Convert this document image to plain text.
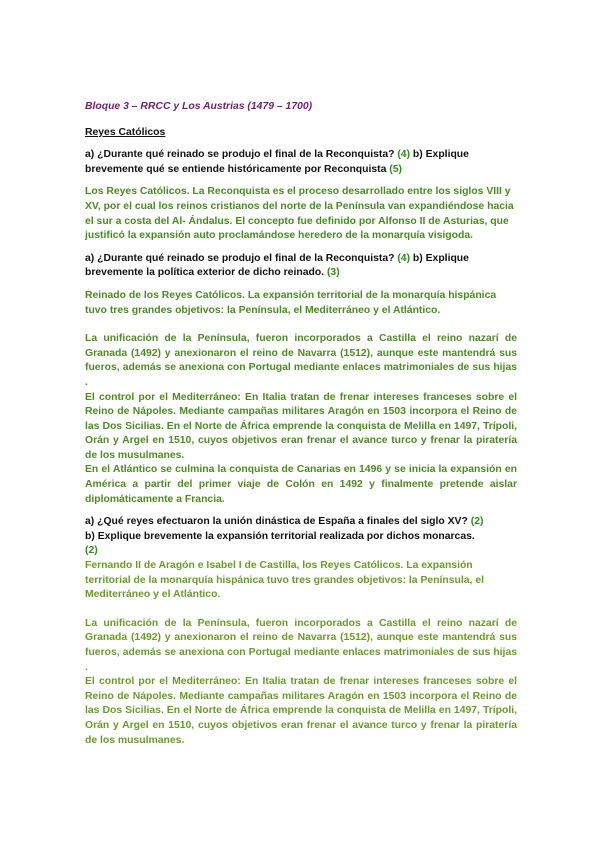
Bloque 3 – RRCC y Los Austrias (1479 – 1700)

Reyes Católicos

a) ¿Durante qué reinado se produjo el final de la Reconquista? (4) b) Explique brevemente qué se entiende históricamente por Reconquista (5)

Los Reyes Católicos. La Reconquista es el proceso desarrollado entre los siglos VIII y XV, por el cual los reinos cristianos del norte de la Península van expandiéndose hacia el sur a costa del Al- Ándalus. El concepto fue definido por Alfonso II de Asturias, que justificó la expansión auto proclamándose heredero de la monarquía visigoda.

a) ¿Durante qué reinado se produjo el final de la Reconquista? (4) b) Explique brevemente la política exterior de dicho reinado. (3)

Reinado de los Reyes Católicos. La expansión territorial de la monarquía hispánica tuvo tres grandes objetivos: la Península, el Mediterráneo y el Atlántico.

La unificación de la Península, fueron incorporados a Castilla el reino nazarí de Granada (1492) y anexionaron el reino de Navarra (1512), aunque este mantendrá sus fueros, además se anexiona con Portugal mediante enlaces matrimoniales de sus hijas .

El control por el Mediterráneo: En Italia tratan de frenar intereses franceses sobre el Reino de Nápoles. Mediante campañas militares Aragón en 1503 incorpora el Reino de las Dos Sicilias. En el Norte de África emprende la conquista de Melilla en 1497, Trípoli, Orán y Argel en 1510, cuyos objetivos eran frenar el avance turco y frenar la piratería de los musulmanes.

En el Atlántico se culmina la conquista de Canarias en 1496 y se inicia la expansión en América a partir del primer viaje de Colón en 1492 y finalmente pretende aislar diplomáticamente a Francia.

a) ¿Qué reyes efectuaron la unión dinástica de España a finales del siglo XV? (2)
b) Explique brevemente la expansión territorial realizada por dichos monarcas.
(2)

Fernando II de Aragón e Isabel I de Castilla, los Reyes Católicos. La expansión territorial de la monarquía hispánica tuvo tres grandes objetivos: la Península, el Mediterráneo y el Atlántico.

La unificación de la Península, fueron incorporados a Castilla el reino nazarí de Granada (1492) y anexionaron el reino de Navarra (1512), aunque este mantendrá sus fueros, además se anexiona con Portugal mediante enlaces matrimoniales de sus hijas .

El control por el Mediterráneo: En Italia tratan de frenar intereses franceses sobre el Reino de Nápoles. Mediante campañas militares Aragón en 1503 incorpora el Reino de las Dos Sicilias. En el Norte de África emprende la conquista de Melilla en 1497, Trípoli, Orán y Argel en 1510, cuyos objetivos eran frenar el avance turco y frenar la piratería de los musulmanes.
